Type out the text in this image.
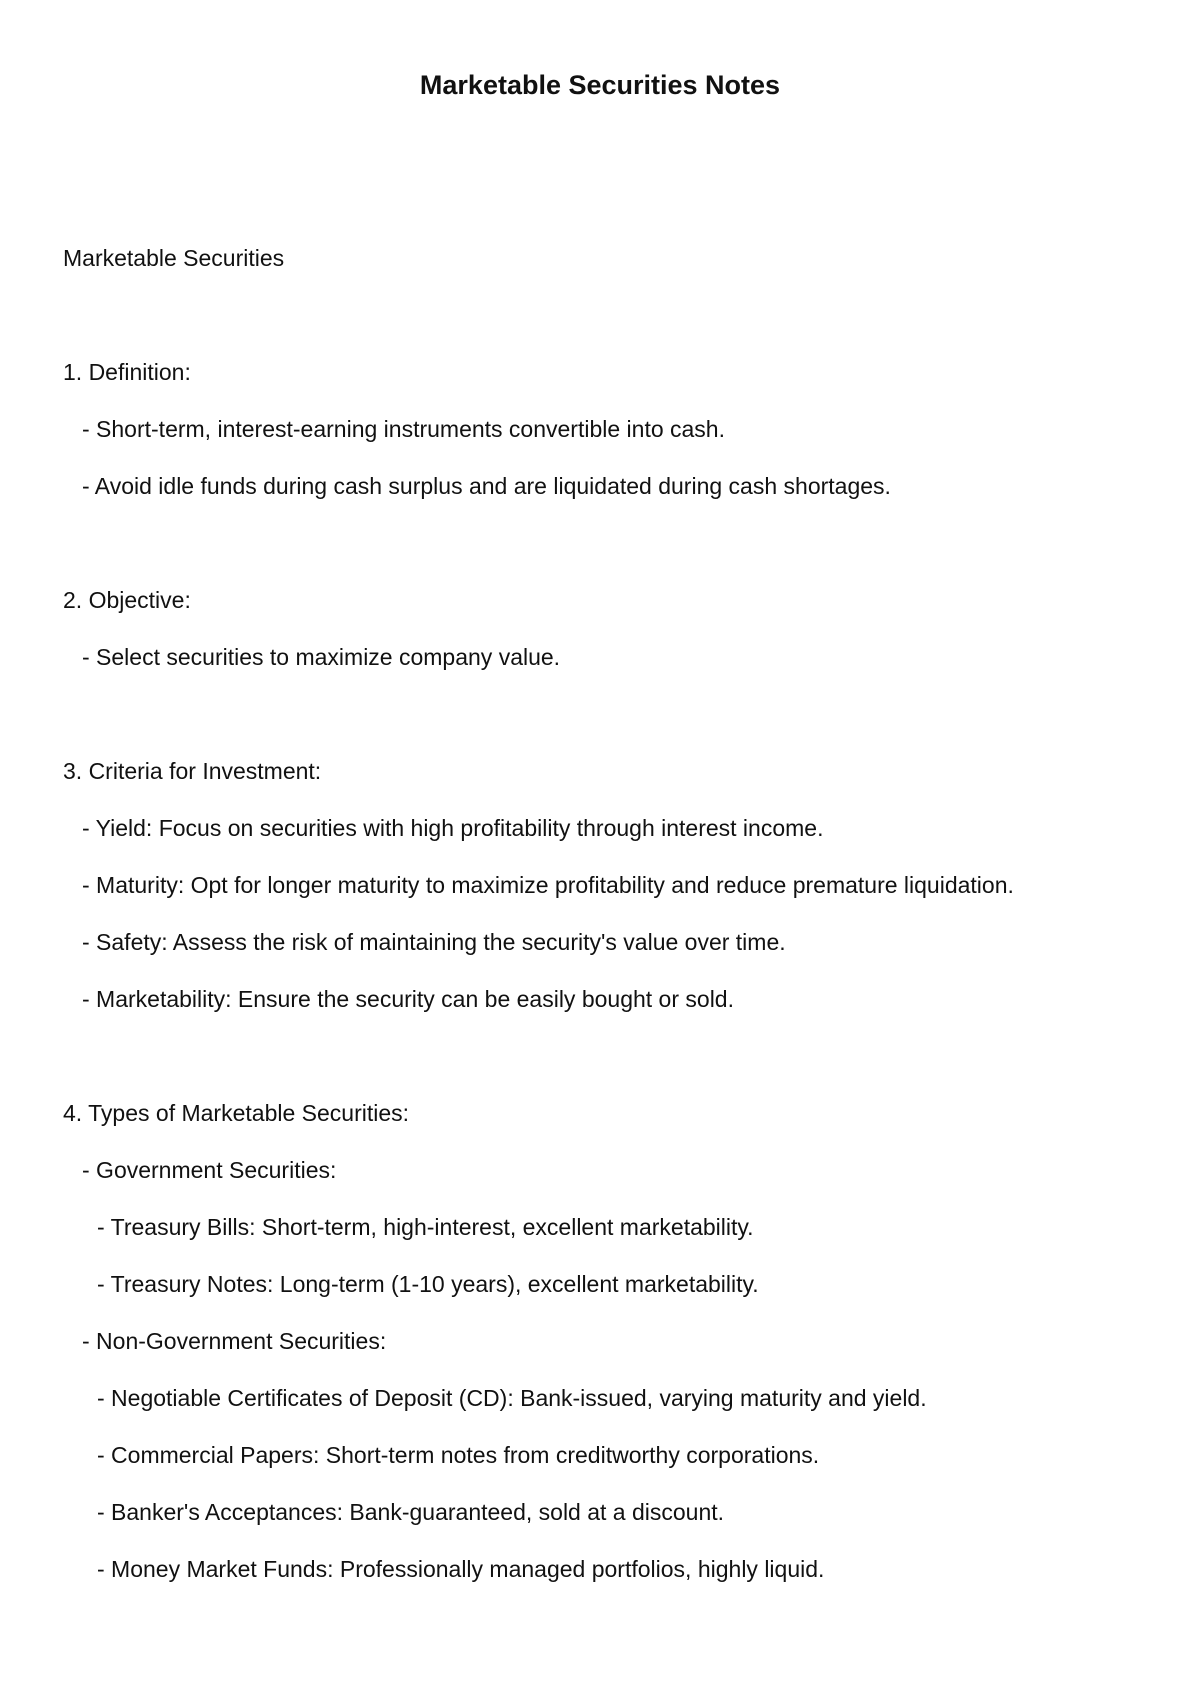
Marketable Securities Notes
Marketable Securities
1. Definition:
- Short-term, interest-earning instruments convertible into cash.
- Avoid idle funds during cash surplus and are liquidated during cash shortages.
2. Objective:
- Select securities to maximize company value.
3. Criteria for Investment:
- Yield: Focus on securities with high profitability through interest income.
- Maturity: Opt for longer maturity to maximize profitability and reduce premature liquidation.
- Safety: Assess the risk of maintaining the security's value over time.
- Marketability: Ensure the security can be easily bought or sold.
4. Types of Marketable Securities:
- Government Securities:
- Treasury Bills: Short-term, high-interest, excellent marketability.
- Treasury Notes: Long-term (1-10 years), excellent marketability.
- Non-Government Securities:
- Negotiable Certificates of Deposit (CD): Bank-issued, varying maturity and yield.
- Commercial Papers: Short-term notes from creditworthy corporations.
- Banker's Acceptances: Bank-guaranteed, sold at a discount.
- Money Market Funds: Professionally managed portfolios, highly liquid.
